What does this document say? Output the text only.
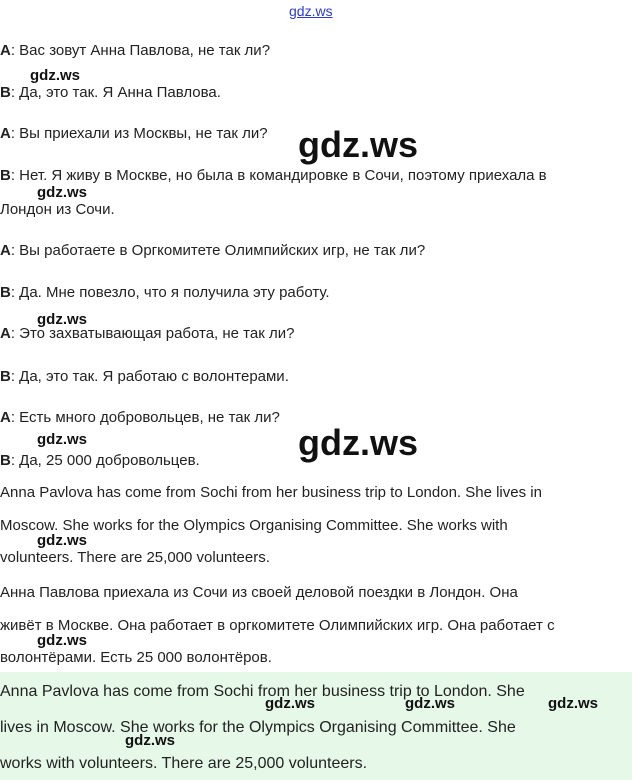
gdz.ws
A: Вас зовут Анна Павлова, не так ли?
B: Да, это так. Я Анна Павлова.
A: Вы приехали из Москвы, не так ли?
B: Нет. Я живу в Москве, но была в командировке в Сочи, поэтому приехала в
Лондон из Сочи.
A: Вы работаете в Оргкомитете Олимпийских игр, не так ли?
B: Да. Мне повезло, что я получила эту работу.
A: Это захватывающая работа, не так ли?
B: Да, это так. Я работаю с волонтерами.
A: Есть много добровольцев, не так ли?
B: Да, 25 000 добровольцев.
Anna Pavlova has come from Sochi from her business trip to London. She lives in
Moscow. She works for the Olympics Organising Committee. She works with
volunteers. There are 25,000 volunteers.
Анна Павлова приехала из Сочи из своей деловой поездки в Лондон. Она
живёт в Москве. Она работает в оргкомитете Олимпийских игр. Она работает с
волонтёрами. Есть 25 000 волонтёров.
Anna Pavlova has come from Sochi from her business trip to London. She
lives in Moscow. She works for the Olympics Organising Committee. She
works with volunteers. There are 25,000 volunteers.
gdz.ws
gdz.ws
gdz.ws
gdz.ws
gdz.ws
gdz.ws
gdz.ws
gdz.ws
gdz.ws	gdz.ws	gdz.ws
gdz.ws
